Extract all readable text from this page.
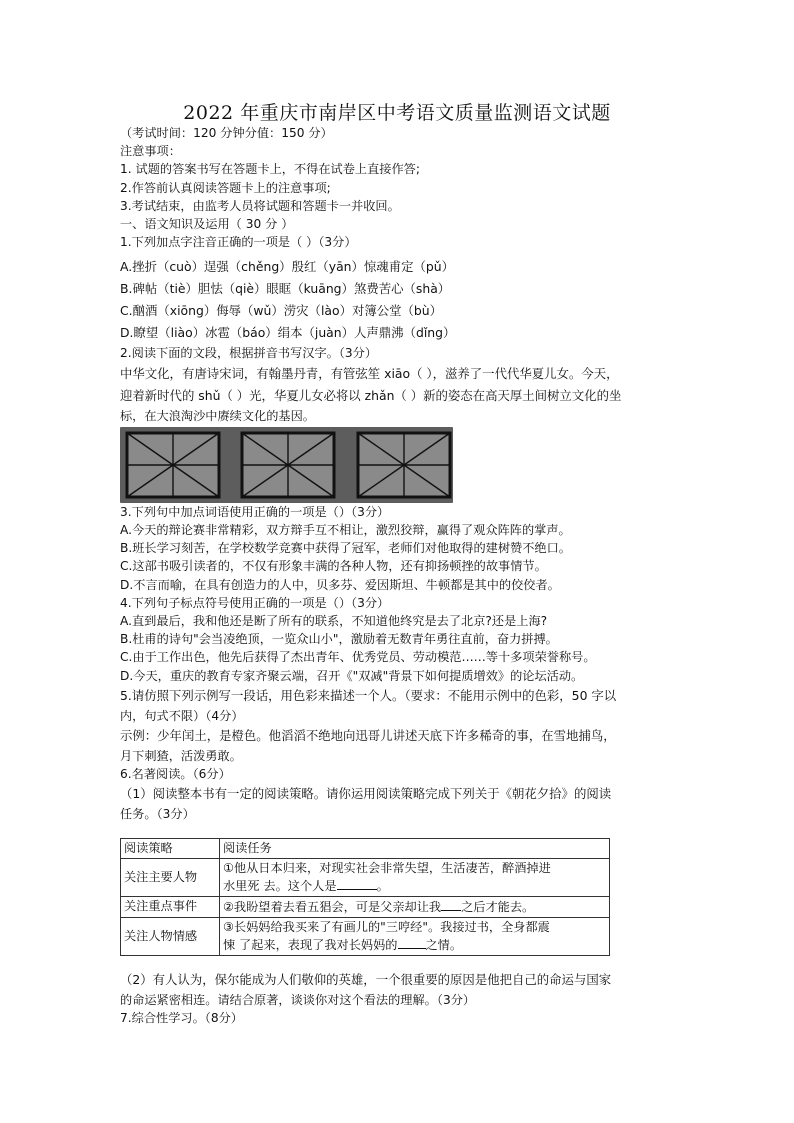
2022 年重庆市南岸区中考语文质量监测语文试题
（考试时间：120 分钟分值：150 分）
注意事项：
1. 试题的答案书写在答题卡上，不得在试卷上直接作答;
2.作答前认真阅读答题卡上的注意事项;
3.考试结束，由监考人员将试题和答题卡一并收回。
一、语文知识及运用（ 30 分 ）
1.下列加点字注音正确的一项是（ ）（3分）
A.挫折（cuò）逞强（chěng）殷红（yān）惊魂甫定（pǔ）
B.碑帖（tiè）胆怯（qiè）眼眶（kuāng）煞费苦心（shà）
C.酗酒（xiōng）侮辱（wǔ）涝灾（lào）对簿公堂（bù）
D.瞭望（liào）冰雹（báo）绢本（juàn）人声鼎沸（dǐng）
2.阅读下面的文段，根据拼音书写汉字。（3分）
中华文化，有唐诗宋词，有翰墨丹青，有管弦笙 xiāo（ ），滋养了一代代华夏儿女。今天，
迎着新时代的 shǔ（ ）光，华夏儿女必将以 zhǎn（ ）新的姿态在高天厚土间树立文化的坐
标，在大浪淘沙中赓续文化的基因。
3.下列句中加点词语使用正确的一项是（）（3分）
A.今天的辩论赛非常精彩，双方辩手互不相让，激烈狡辩，赢得了观众阵阵的掌声。
B.班长学习刻苦，在学校数学竞赛中获得了冠军，老师们对他取得的建树赞不绝口。
C.这部书吸引读者的，不仅有形象丰满的各种人物，还有抑扬顿挫的故事情节。
D.不言而喻，在具有创造力的人中，贝多芬、爱因斯坦、牛顿都是其中的佼佼者。
4.下列句子标点符号使用正确的一项是（）（3分）
A.直到最后，我和他还是断了所有的联系，不知道他终究是去了北京?还是上海?
B.杜甫的诗句"会当凌绝顶，一览众山小"，激励着无数青年勇往直前，奋力拼搏。
C.由于工作出色，他先后获得了杰出青年、优秀党员、劳动模范……等十多项荣誉称号。
D.今天，重庆的教育专家齐聚云端，召开《"双减"背景下如何提质增效》的论坛活动。
5.请仿照下列示例写一段话，用色彩来描述一个人。（要求：不能用示例中的色彩，50 字以
内，句式不限）（4分）
示例：少年闰土，是橙色。他滔滔不绝地向迅哥儿讲述天底下许多稀奇的事，在雪地捕鸟，
月下刺猹，活泼勇敢。
6.名著阅读。（6分）
（1）阅读整本书有一定的阅读策略。请你运用阅读策略完成下列关于《朝花夕拾》的阅读
任务。（3分）
阅读策略	阅读任务
关注主要人物	①他从日本归来，对现实社会非常失望，生活凄苦，醉酒掉进
水里死 去。这个人是 。

关注重点事件	②我盼望着去看五猖会，可是父亲却让我 之后才能去。

关注人物情感	③长妈妈给我买来了有画儿的"三哼经"。我接过书，全身都震
悚 了起来，表现了我对长妈妈的 之情。
（2）有人认为，保尔能成为人们敬仰的英雄，一个很重要的原因是他把自己的命运与国家
的命运紧密相连。请结合原著，谈谈你对这个看法的理解。（3分）
7.综合性学习。（8分）
